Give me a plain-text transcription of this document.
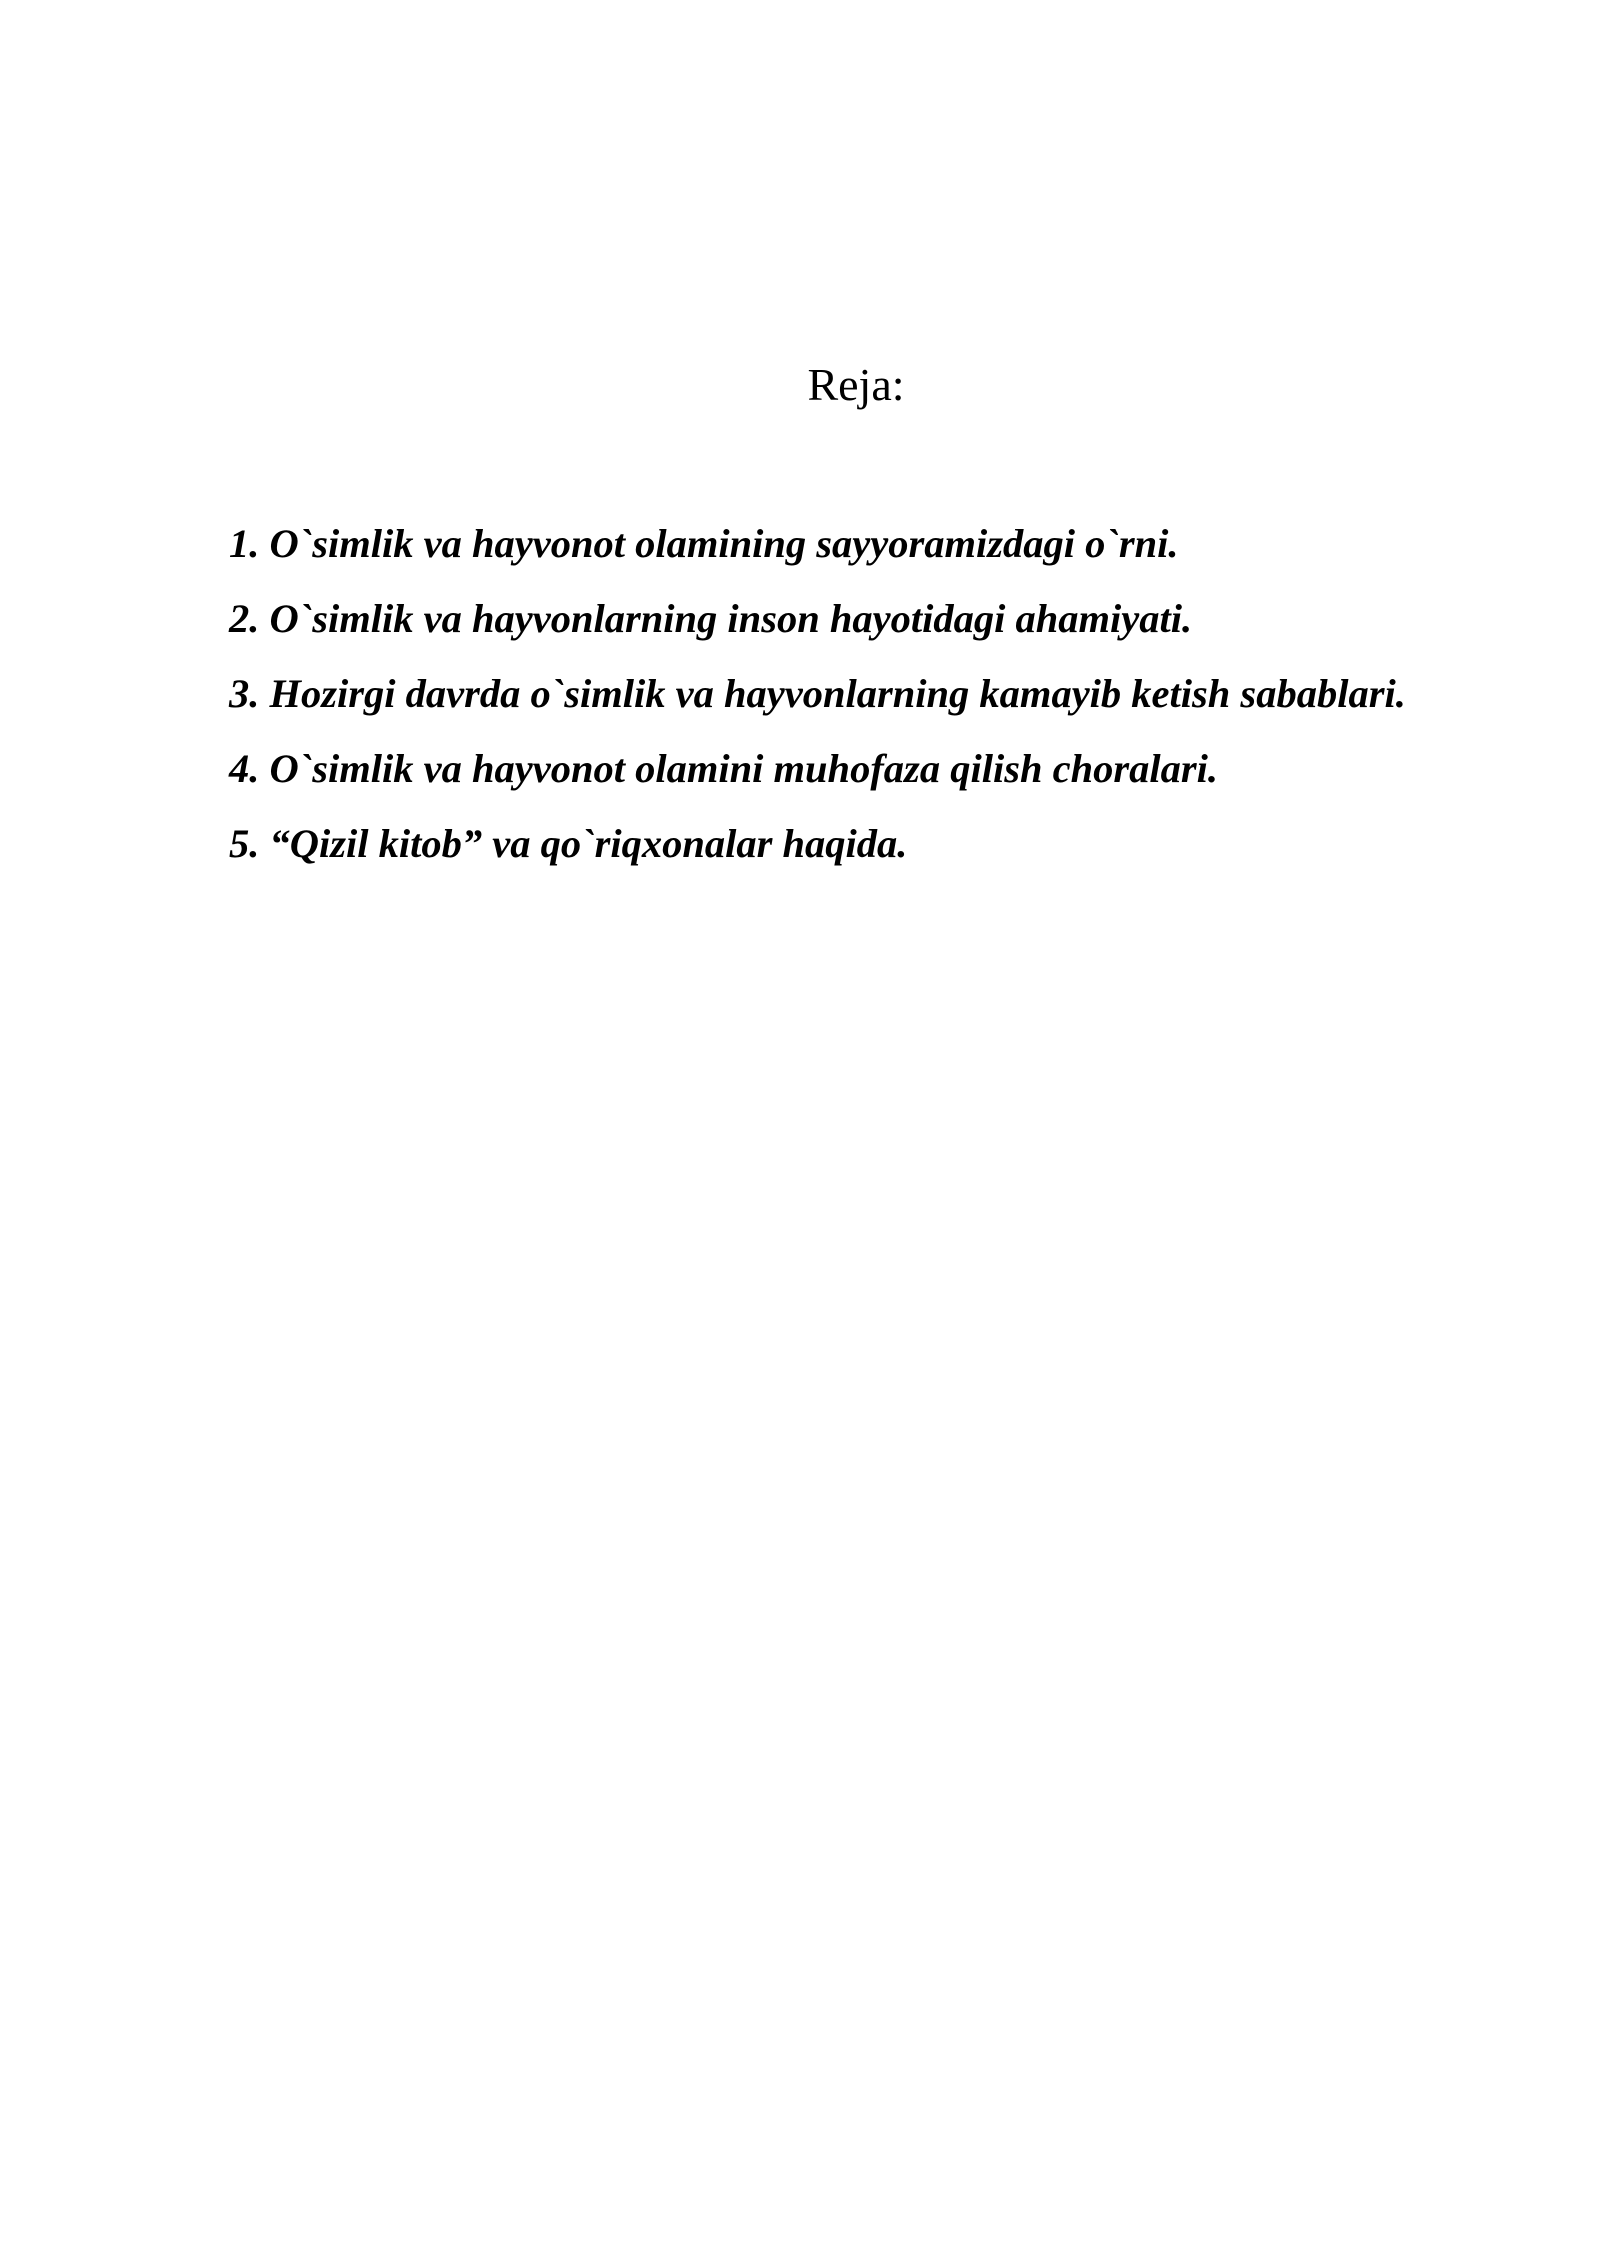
Reja:
1. O`simlik va hayvonot olamining sayyoramizdagi o`rni.
2. O`simlik va hayvonlarning inson hayotidagi ahamiyati.
3. Hozirgi davrda o`simlik va hayvonlarning kamayib ketish sabablari.
4. O`simlik va hayvonot olamini muhofaza qilish choralari.
5. “Qizil kitob” va qo`riqxonalar haqida.
